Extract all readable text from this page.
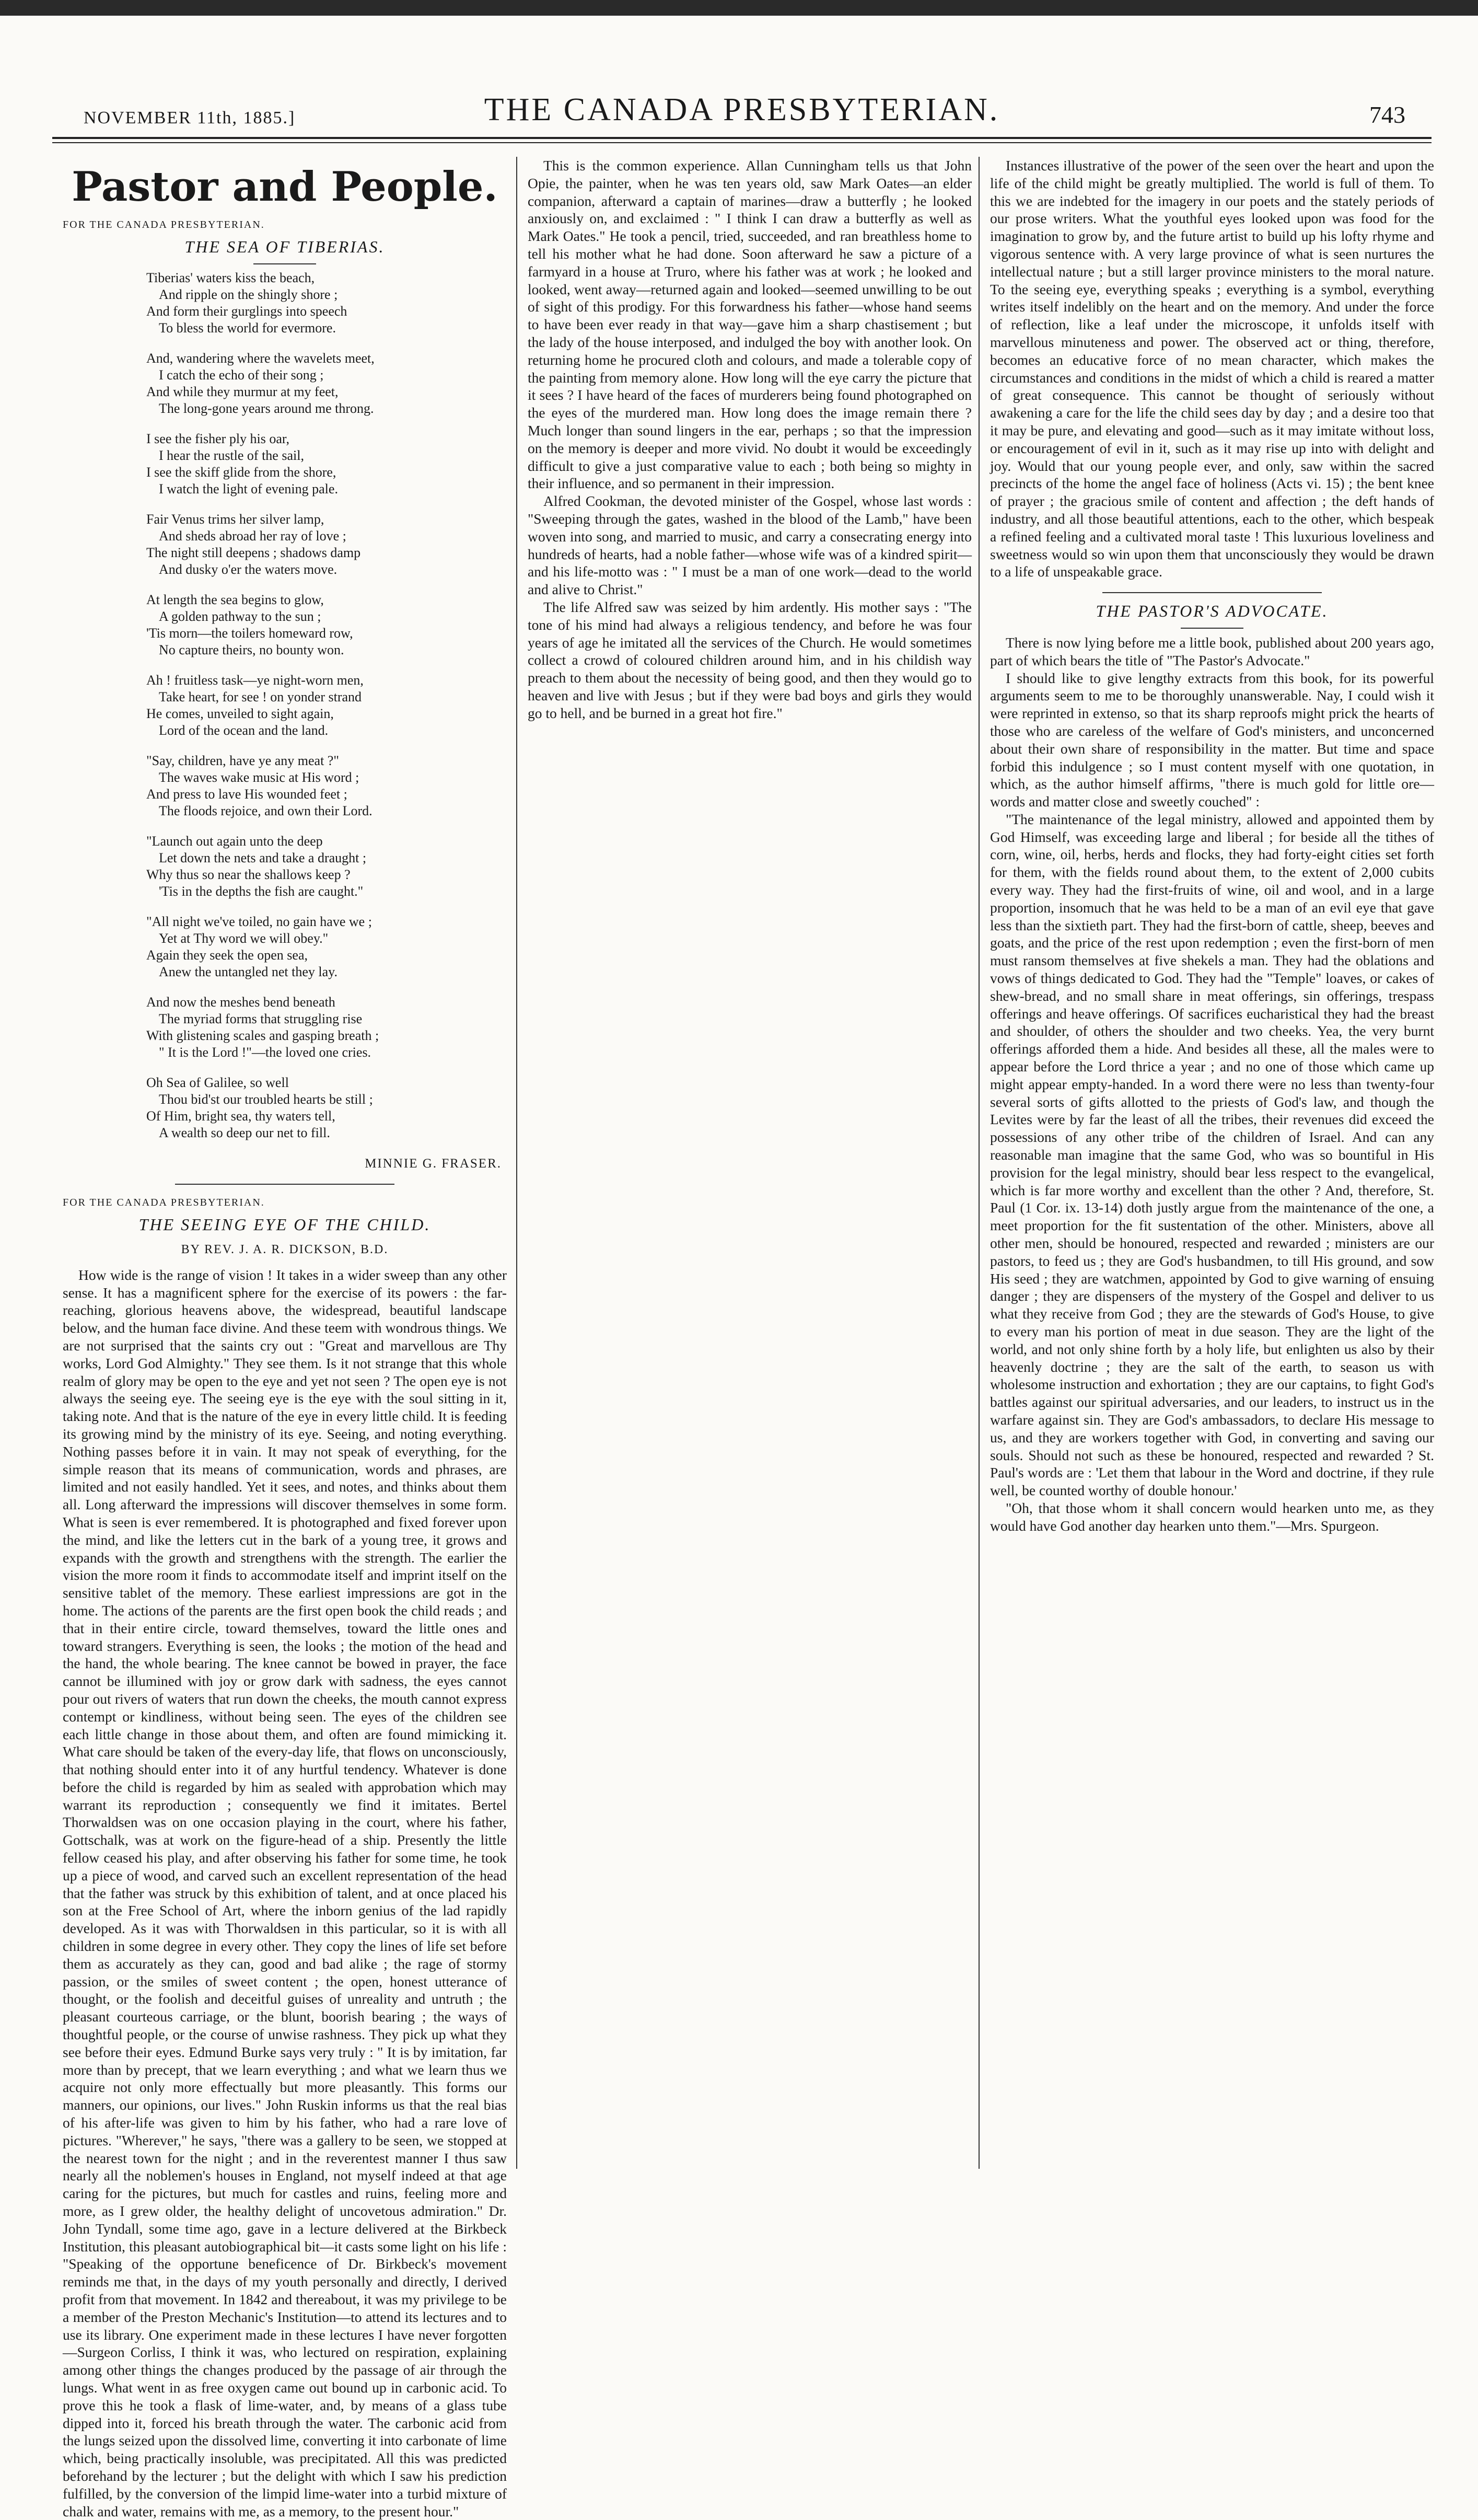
NOVEMBER 11th, 1885.]	THE CANADA PRESBYTERIAN.	743
Pastor and People.
FOR THE CANADA PRESBYTERIAN.
THE SEA OF TIBERIAS.
Tiberias' waters kiss the beach,
And ripple on the shingly shore ;
And form their gurglings into speech
To bless the world for evermore.
And, wandering where the wavelets meet,
I catch the echo of their song ;
And while they murmur at my feet,
The long-gone years around me throng.
I see the fisher ply his oar,
I hear the rustle of the sail,
I see the skiff glide from the shore,
I watch the light of evening pale.
Fair Venus trims her silver lamp,
And sheds abroad her ray of love ;
The night still deepens ; shadows damp
And dusky o'er the waters move.
At length the sea begins to glow,
A golden pathway to the sun ;
'Tis morn—the toilers homeward row,
No capture theirs, no bounty won.
Ah ! fruitless task—ye night-worn men,
Take heart, for see ! on yonder strand
He comes, unveiled to sight again,
Lord of the ocean and the land.
"Say, children, have ye any meat ?"
The waves wake music at His word ;
And press to lave His wounded feet ;
The floods rejoice, and own their Lord.
"Launch out again unto the deep
Let down the nets and take a draught ;
Why thus so near the shallows keep ?
'Tis in the depths the fish are caught."
"All night we've toiled, no gain have we ;
Yet at Thy word we will obey."
Again they seek the open sea,
Anew the untangled net they lay.
And now the meshes bend beneath
The myriad forms that struggling rise
With glistening scales and gasping breath ;
" It is the Lord !"—the loved one cries.
Oh Sea of Galilee, so well
Thou bid'st our troubled hearts be still ;
Of Him, bright sea, thy waters tell,
A wealth so deep our net to fill.
MINNIE G. FRASER.
FOR THE CANADA PRESBYTERIAN.
THE SEEING EYE OF THE CHILD.
BY REV. J. A. R. DICKSON, B.D.

How wide is the range of vision ! It takes in a wider sweep than any other sense. It has a magnificent sphere for the exercise of its powers : the far-reaching, glorious heavens above, the widespread, beautiful landscape below, and the human face divine. And these teem with wondrous things. We are not surprised that the saints cry out : "Great and marvellous are Thy works, Lord God Almighty." They see them. Is it not strange that this whole realm of glory may be open to the eye and yet not seen ? The open eye is not always the seeing eye. The seeing eye is the eye with the soul sitting in it, taking note. And that is the nature of the eye in every little child. It is feeding its growing mind by the ministry of its eye. Seeing, and noting everything. Nothing passes before it in vain. It may not speak of everything, for the simple reason that its means of communication, words and phrases, are limited and not easily handled. Yet it sees, and notes, and thinks about them all. Long afterward the impressions will discover themselves in some form. What is seen is ever remembered. It is photographed and fixed forever upon the mind, and like the letters cut in the bark of a young tree, it grows and expands with the growth and strengthens with the strength. The earlier the vision the more room it finds to accommodate itself and imprint itself on the sensitive tablet of the memory. These earliest impressions are got in the home. The actions of the parents are the first open book the child reads ; and that in their entire circle, toward themselves, toward the little ones and toward strangers. Everything is seen, the looks ; the motion of the head and the hand, the whole bearing. The knee cannot be bowed in prayer, the face cannot be illumined with joy or grow dark with sadness, the eyes cannot pour out rivers of waters that run down the cheeks, the mouth cannot express contempt or kindliness, without being seen. The eyes of the children see each little change in those about them, and often are found mimicking it. What care should be taken of the every-day life, that flows on unconsciously, that nothing should enter into it of any hurtful tendency. Whatever is done before the child is regarded by him as sealed with approbation which may warrant its reproduction ; consequently we find it imitates. Bertel Thorwaldsen was on one occasion playing in the court, where his father, Gottschalk, was at work on the figure-head of a ship. Presently the little fellow ceased his play, and after observing his father for some time, he took up a piece of wood, and carved such an excellent representation of the head that the father was struck by this exhibition of talent, and at once placed his son at the Free School of Art, where the inborn genius of the lad rapidly developed. As it was with Thorwaldsen in this particular, so it is with all children in some degree in every other. They copy the lines of life set before them as accurately as they can, good and bad alike ; the rage of stormy passion, or the smiles of sweet content ; the open, honest utterance of thought, or the foolish and deceitful guises of unreality and untruth ; the pleasant courteous carriage, or the blunt, boorish bearing ; the ways of thoughtful people, or the course of unwise rashness. They pick up what they see before their eyes. Edmund Burke says very truly : " It is by imitation, far more than by precept, that we learn everything ; and what we learn thus we acquire not only more effectually but more pleasantly. This forms our manners, our opinions, our lives." John Ruskin informs us that the real bias of his after-life was given to him by his father, who had a rare love of pictures. "Wherever," he says, "there was a gallery to be seen, we stopped at the nearest town for the night ; and in the reverentest manner I thus saw nearly all the noblemen's houses in England, not myself indeed at that age caring for the pictures, but much for castles and ruins, feeling more and more, as I grew older, the healthy delight of uncovetous admiration." Dr. John Tyndall, some time ago, gave in a lecture delivered at the Birkbeck Institution, this pleasant autobiographical bit—it casts some light on his life : "Speaking of the opportune beneficence of Dr. Birkbeck's movement reminds me that, in the days of my youth personally and directly, I derived profit from that movement. In 1842 and thereabout, it was my privilege to be a member of the Preston Mechanic's Institution—to attend its lectures and to use its library. One experiment made in these lectures I have never forgotten—Surgeon Corliss, I think it was, who lectured on respiration, explaining among other things the changes produced by the passage of air through the lungs. What went in as free oxygen came out bound up in carbonic acid. To prove this he took a flask of lime-water, and, by means of a glass tube dipped into it, forced his breath through the water. The carbonic acid from the lungs seized upon the dissolved lime, converting it into carbonate of lime which, being practically insoluble, was precipitated. All this was predicted beforehand by the lecturer ; but the delight with which I saw his prediction fulfilled, by the conversion of the limpid lime-water into a turbid mixture of chalk and water, remains with me, as a memory, to the present hour."

This is the common experience. Allan Cunningham tells us that John Opie, the painter, when he was ten years old, saw Mark Oates—an elder companion, afterward a captain of marines—draw a butterfly ; he looked anxiously on, and exclaimed : " I think I can draw a butterfly as well as Mark Oates." He took a pencil, tried, succeeded, and ran breathless home to tell his mother what he had done. Soon afterward he saw a picture of a farmyard in a house at Truro, where his father was at work ; he looked and looked, went away—returned again and looked—seemed unwilling to be out of sight of this prodigy. For this forwardness his father—whose hand seems to have been ever ready in that way—gave him a sharp chastisement ; but the lady of the house interposed, and indulged the boy with another look. On returning home he procured cloth and colours, and made a tolerable copy of the painting from memory alone. How long will the eye carry the picture that it sees ? I have heard of the faces of murderers being found photographed on the eyes of the murdered man. How long does the image remain there ? Much longer than sound lingers in the ear, perhaps ; so that the impression on the memory is deeper and more vivid. No doubt it would be exceedingly difficult to give a just comparative value to each ; both being so mighty in their influence, and so permanent in their impression.

Alfred Cookman, the devoted minister of the Gospel, whose last words : "Sweeping through the gates, washed in the blood of the Lamb," have been woven into song, and married to music, and carry a consecrating energy into hundreds of hearts, had a noble father—whose wife was of a kindred spirit—and his life-motto was : " I must be a man of one work—dead to the world and alive to Christ."

The life Alfred saw was seized by him ardently. His mother says : "The tone of his mind had always a religious tendency, and before he was four years of age he imitated all the services of the Church. He would sometimes collect a crowd of coloured children around him, and in his childish way preach to them about the necessity of being good, and then they would go to heaven and live with Jesus ; but if they were bad boys and girls they would go to hell, and be burned in a great hot fire."

Instances illustrative of the power of the seen over the heart and upon the life of the child might be greatly multiplied. The world is full of them. To this we are indebted for the imagery in our poets and the stately periods of our prose writers. What the youthful eyes looked upon was food for the imagination to grow by, and the future artist to build up his lofty rhyme and vigorous sentence with. A very large province of what is seen nurtures the intellectual nature ; but a still larger province ministers to the moral nature. To the seeing eye, everything speaks ; everything is a symbol, everything writes itself indelibly on the heart and on the memory. And under the force of reflection, like a leaf under the microscope, it unfolds itself with marvellous minuteness and power. The observed act or thing, therefore, becomes an educative force of no mean character, which makes the circumstances and conditions in the midst of which a child is reared a matter of great consequence. This cannot be thought of seriously without awakening a care for the life the child sees day by day ; and a desire too that it may be pure, and elevating and good—such as it may imitate without loss, or encouragement of evil in it, such as it may rise up into with delight and joy. Would that our young people ever, and only, saw within the sacred precincts of the home the angel face of holiness (Acts vi. 15) ; the bent knee of prayer ; the gracious smile of content and affection ; the deft hands of industry, and all those beautiful attentions, each to the other, which bespeak a refined feeling and a cultivated moral taste ! This luxurious loveliness and sweetness would so win upon them that unconsciously they would be drawn to a life of unspeakable grace.

THE PASTOR'S ADVOCATE.

There is now lying before me a little book, published about 200 years ago, part of which bears the title of "The Pastor's Advocate."

I should like to give lengthy extracts from this book, for its powerful arguments seem to me to be thoroughly unanswerable. Nay, I could wish it were reprinted in extenso, so that its sharp reproofs might prick the hearts of those who are careless of the welfare of God's ministers, and unconcerned about their own share of responsibility in the matter. But time and space forbid this indulgence ; so I must content myself with one quotation, in which, as the author himself affirms, "there is much gold for little ore—words and matter close and sweetly couched" :

"The maintenance of the legal ministry, allowed and appointed them by God Himself, was exceeding large and liberal ; for beside all the tithes of corn, wine, oil, herbs, herds and flocks, they had forty-eight cities set forth for them, with the fields round about them, to the extent of 2,000 cubits every way. They had the first-fruits of wine, oil and wool, and in a large proportion, insomuch that he was held to be a man of an evil eye that gave less than the sixtieth part. They had the first-born of cattle, sheep, beeves and goats, and the price of the rest upon redemption ; even the first-born of men must ransom themselves at five shekels a man. They had the oblations and vows of things dedicated to God. They had the "Temple" loaves, or cakes of shew-bread, and no small share in meat offerings, sin offerings, trespass offerings and heave offerings. Of sacrifices eucharistical they had the breast and shoulder, of others the shoulder and two cheeks. Yea, the very burnt offerings afforded them a hide. And besides all these, all the males were to appear before the Lord thrice a year ; and no one of those which came up might appear empty-handed. In a word there were no less than twenty-four several sorts of gifts allotted to the priests of God's law, and though the Levites were by far the least of all the tribes, their revenues did exceed the possessions of any other tribe of the children of Israel. And can any reasonable man imagine that the same God, who was so bountiful in His provision for the legal ministry, should bear less respect to the evangelical, which is far more worthy and excellent than the other ? And, therefore, St. Paul (1 Cor. ix. 13-14) doth justly argue from the maintenance of the one, a meet proportion for the fit sustentation of the other. Ministers, above all other men, should be honoured, respected and rewarded ; ministers are our pastors, to feed us ; they are God's husbandmen, to till His ground, and sow His seed ; they are watchmen, appointed by God to give warning of ensuing danger ; they are dispensers of the mystery of the Gospel and deliver to us what they receive from God ; they are the stewards of God's House, to give to every man his portion of meat in due season. They are the light of the world, and not only shine forth by a holy life, but enlighten us also by their heavenly doctrine ; they are the salt of the earth, to season us with wholesome instruction and exhortation ; they are our captains, to fight God's battles against our spiritual adversaries, and our leaders, to instruct us in the warfare against sin. They are God's ambassadors, to declare His message to us, and they are workers together with God, in converting and saving our souls. Should not such as these be honoured, respected and rewarded ? St. Paul's words are : 'Let them that labour in the Word and doctrine, if they rule well, be counted worthy of double honour.'

"Oh, that those whom it shall concern would hearken unto me, as they would have God another day hearken unto them."—Mrs. Spurgeon.
